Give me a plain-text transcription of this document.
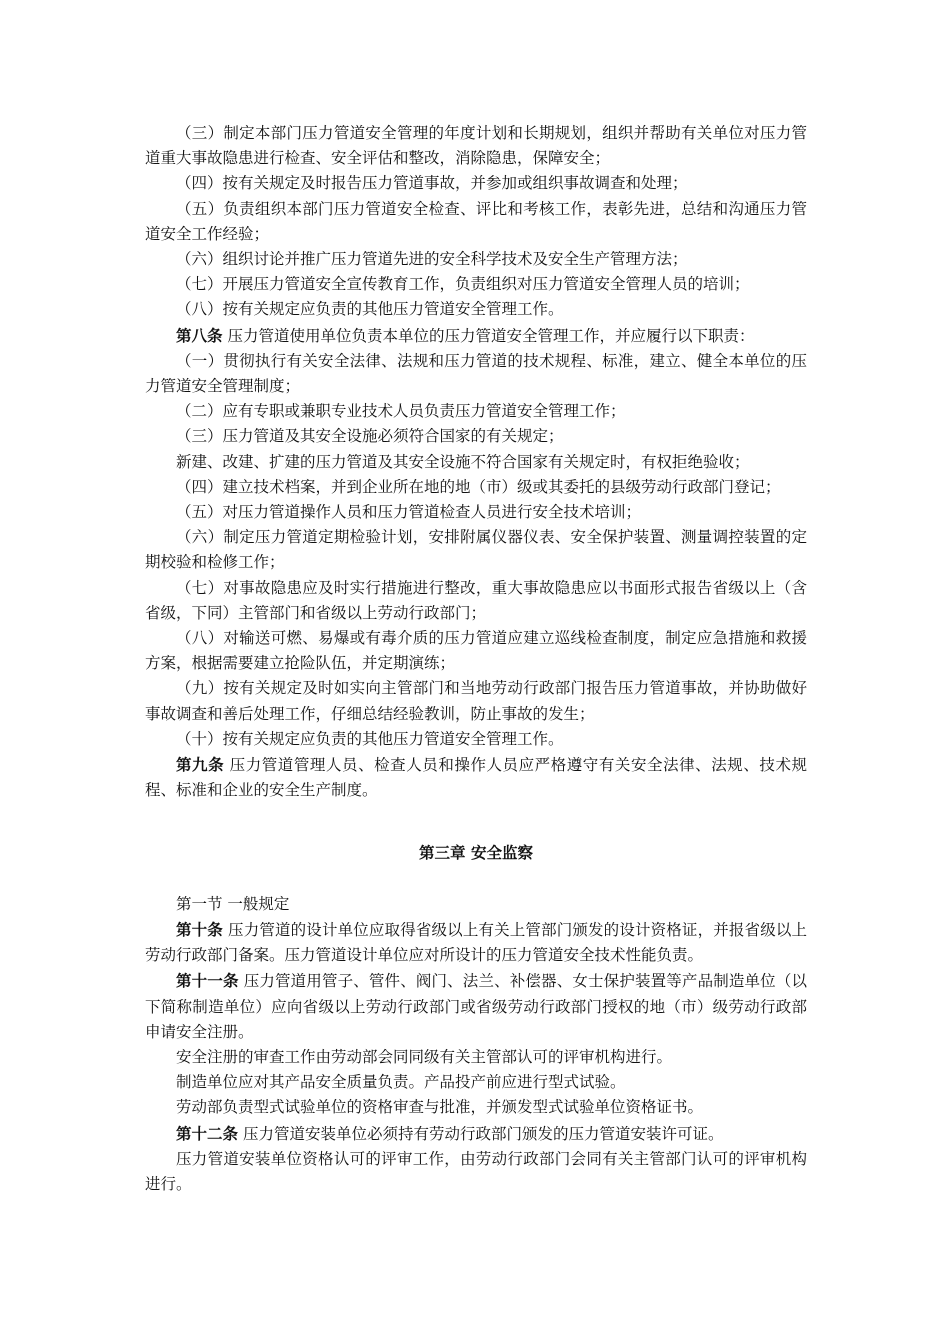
（三）制定本部门压力管道安全管理的年度计划和长期规划，组织并帮助有关单位对压力管道重大事故隐患进行检查、安全评估和整改，消除隐患，保障安全；

（四）按有关规定及时报告压力管道事故，并参加或组织事故调查和处理；

（五）负责组织本部门压力管道安全检查、评比和考核工作，表彰先进，总结和沟通压力管道安全工作经验；

（六）组织讨论并推广压力管道先进的安全科学技术及安全生产管理方法；

（七）开展压力管道安全宣传教育工作，负责组织对压力管道安全管理人员的培训；

（八）按有关规定应负责的其他压力管道安全管理工作。

第八条 压力管道使用单位负责本单位的压力管道安全管理工作，并应履行以下职责：

（一）贯彻执行有关安全法律、法规和压力管道的技术规程、标准，建立、健全本单位的压力管道安全管理制度；

（二）应有专职或兼职专业技术人员负责压力管道安全管理工作；

（三）压力管道及其安全设施必须符合国家的有关规定；

新建、改建、扩建的压力管道及其安全设施不符合国家有关规定时，有权拒绝验收；

（四）建立技术档案，并到企业所在地的地（市）级或其委托的县级劳动行政部门登记；

（五）对压力管道操作人员和压力管道检查人员进行安全技术培训；

（六）制定压力管道定期检验计划，安排附属仪器仪表、安全保护装置、测量调控装置的定期校验和检修工作；

（七）对事故隐患应及时实行措施进行整改，重大事故隐患应以书面形式报告省级以上（含省级，下同）主管部门和省级以上劳动行政部门；

（八）对输送可燃、易爆或有毒介质的压力管道应建立巡线检查制度，制定应急措施和救援方案，根据需要建立抢险队伍，并定期演练；

（九）按有关规定及时如实向主管部门和当地劳动行政部门报告压力管道事故，并协助做好事故调查和善后处理工作，仔细总结经验教训，防止事故的发生；

（十）按有关规定应负责的其他压力管道安全管理工作。

第九条 压力管道管理人员、检查人员和操作人员应严格遵守有关安全法律、法规、技术规程、标准和企业的安全生产制度。

第三章 安全监察

第一节 一般规定

第十条 压力管道的设计单位应取得省级以上有关上管部门颁发的设计资格证，并报省级以上劳动行政部门备案。压力管道设计单位应对所设计的压力管道安全技术性能负责。

第十一条 压力管道用管子、管件、阀门、法兰、补偿器、女士保护装置等产品制造单位（以下简称制造单位）应向省级以上劳动行政部门或省级劳动行政部门授权的地（市）级劳动行政部申请安全注册。

安全注册的审查工作由劳动部会同同级有关主管部认可的评审机构进行。

制造单位应对其产品安全质量负责。产品投产前应进行型式试验。

劳动部负责型式试验单位的资格审查与批准，并颁发型式试验单位资格证书。

第十二条 压力管道安装单位必须持有劳动行政部门颁发的压力管道安装许可证。

压力管道安装单位资格认可的评审工作，由劳动行政部门会同有关主管部门认可的评审机构进行。
